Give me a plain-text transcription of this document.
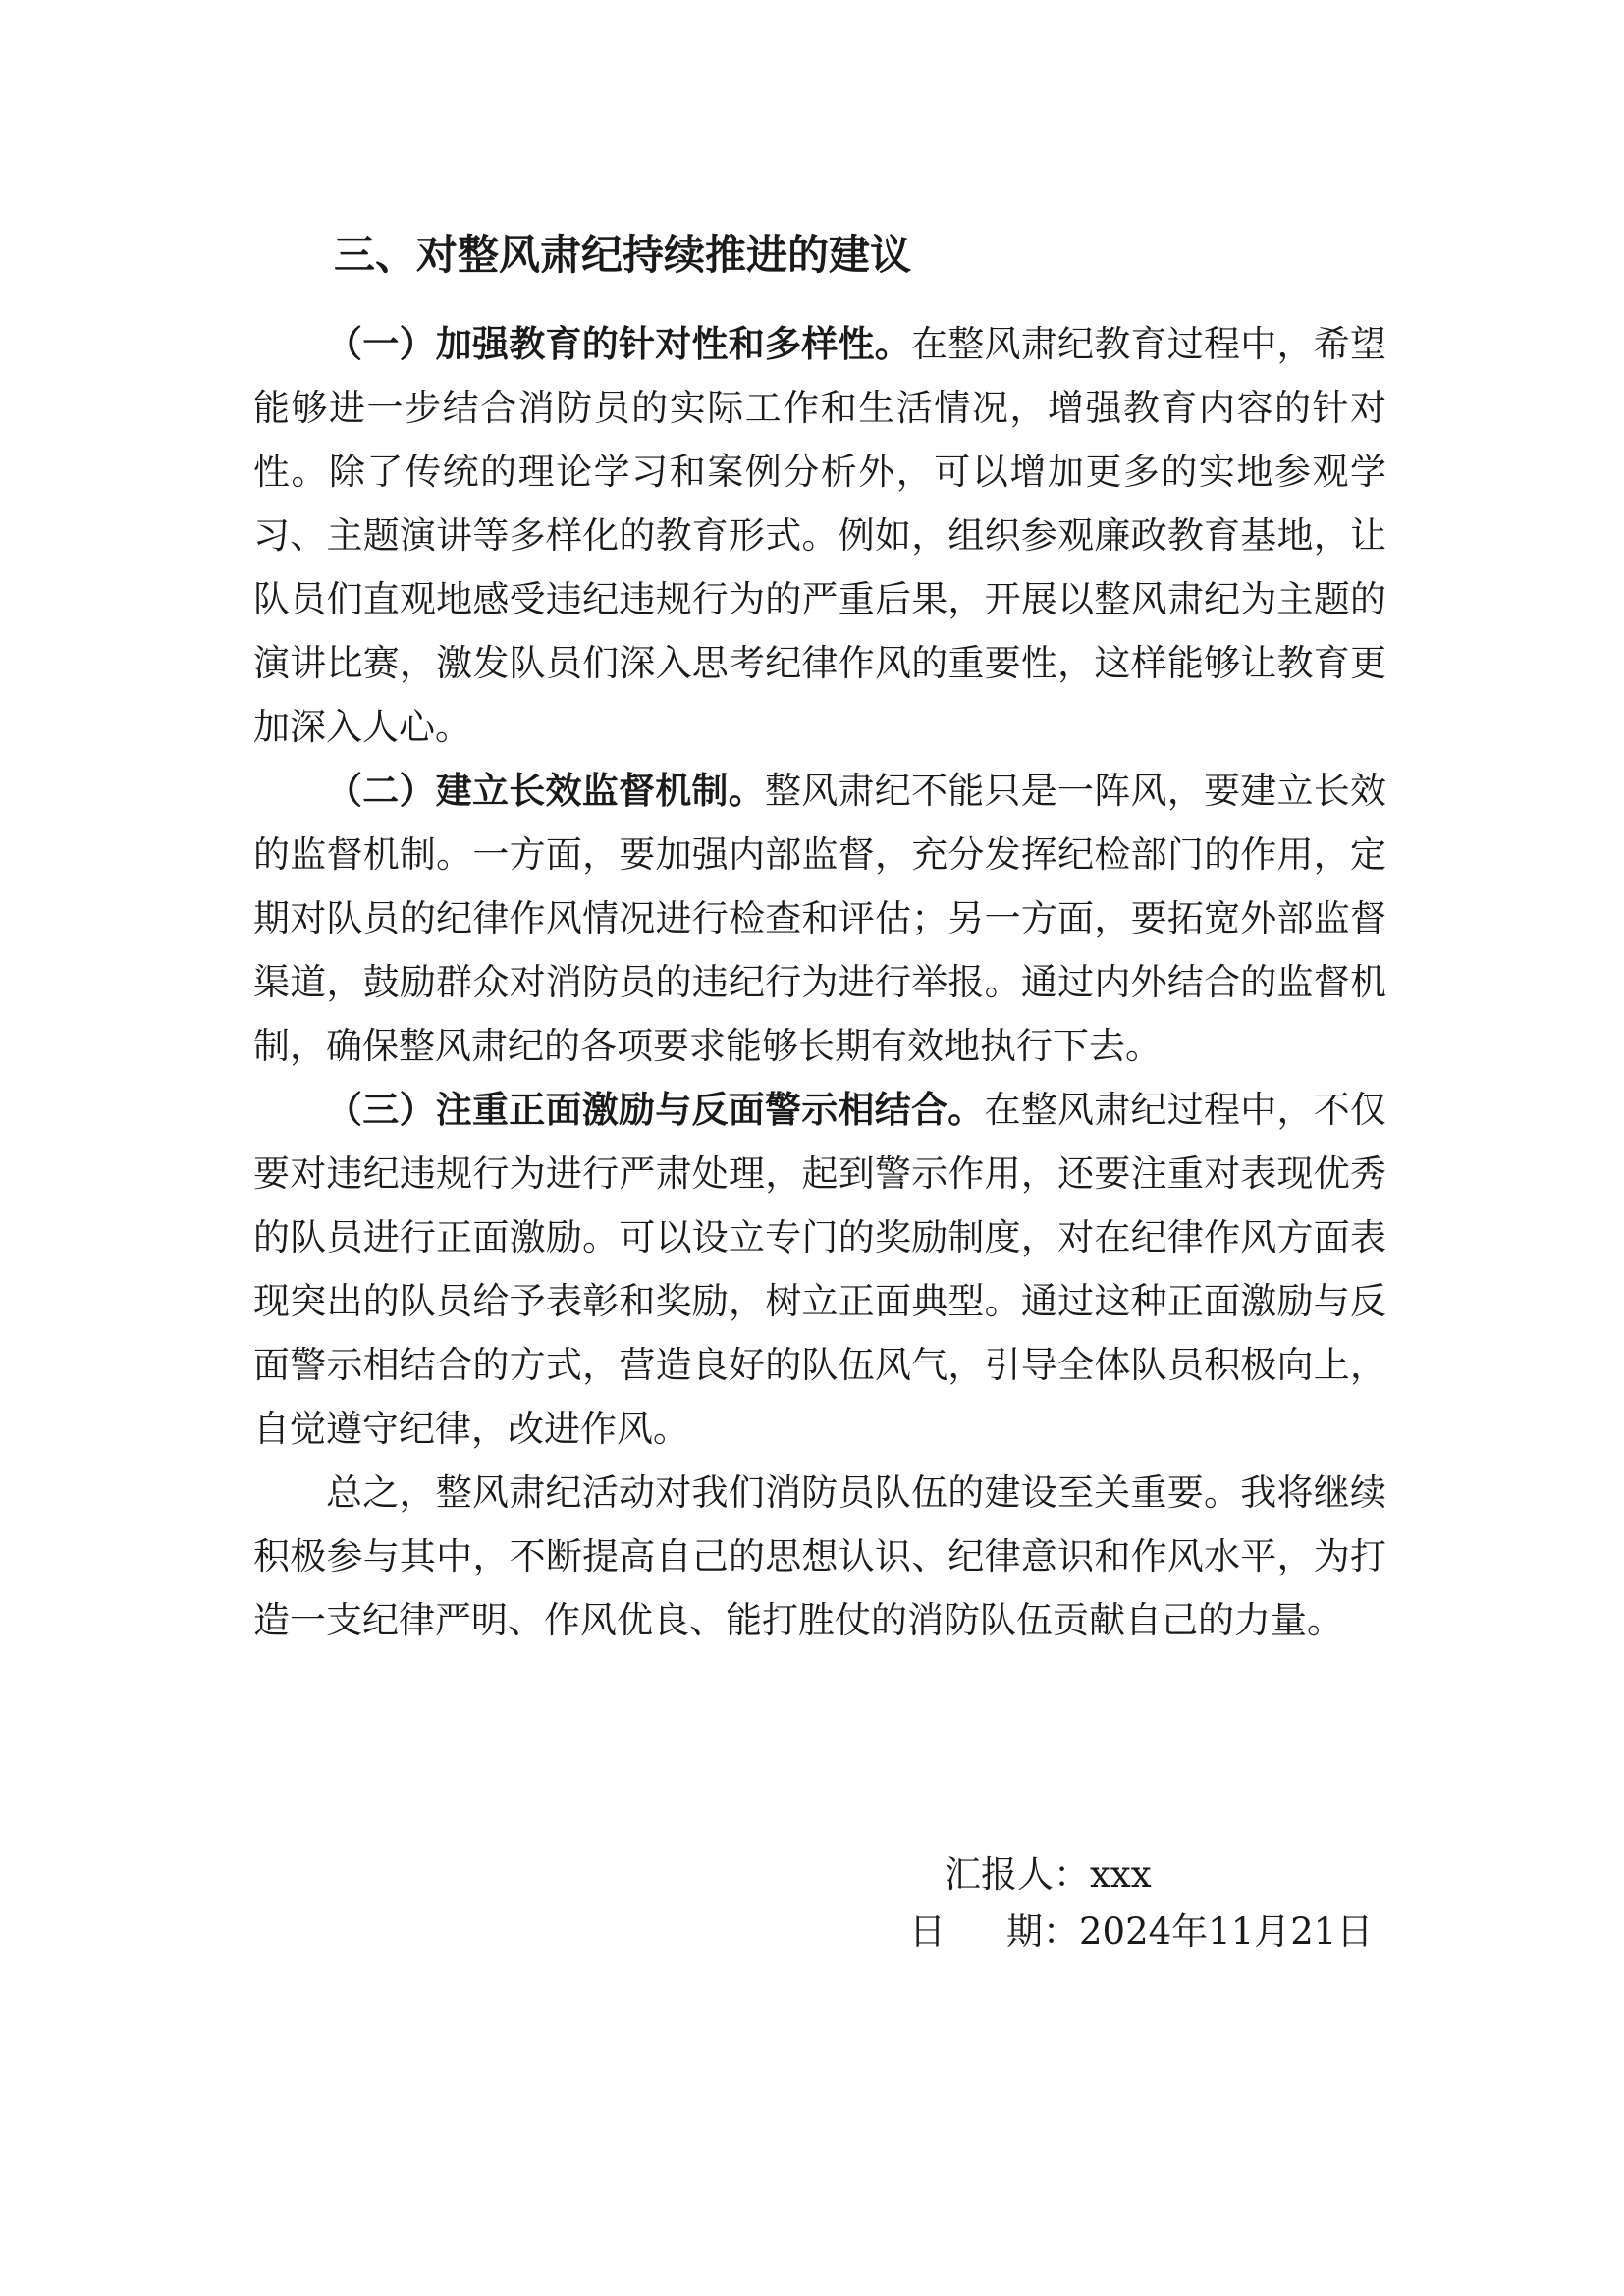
三、对整风肃纪持续推进的建议

（一）加强教育的针对性和多样性。在整风肃纪教育过程中，希望能够进一步结合消防员的实际工作和生活情况，增强教育内容的针对性。除了传统的理论学习和案例分析外，可以增加更多的实地参观学习、主题演讲等多样化的教育形式。例如，组织参观廉政教育基地，让队员们直观地感受违纪违规行为的严重后果，开展以整风肃纪为主题的演讲比赛，激发队员们深入思考纪律作风的重要性，这样能够让教育更加深入人心。

（二）建立长效监督机制。整风肃纪不能只是一阵风，要建立长效的监督机制。一方面，要加强内部监督，充分发挥纪检部门的作用，定期对队员的纪律作风情况进行检查和评估；另一方面，要拓宽外部监督渠道，鼓励群众对消防员的违纪行为进行举报。通过内外结合的监督机制，确保整风肃纪的各项要求能够长期有效地执行下去。

（三）注重正面激励与反面警示相结合。在整风肃纪过程中，不仅要对违纪违规行为进行严肃处理，起到警示作用，还要注重对表现优秀的队员进行正面激励。可以设立专门的奖励制度，对在纪律作风方面表现突出的队员给予表彰和奖励，树立正面典型。通过这种正面激励与反面警示相结合的方式，营造良好的队伍风气，引导全体队员积极向上，自觉遵守纪律，改进作风。

总之，整风肃纪活动对我们消防员队伍的建设至关重要。我将继续积极参与其中，不断提高自己的思想认识、纪律意识和作风水平，为打造一支纪律严明、作风优良、能打胜仗的消防队伍贡献自己的力量。

汇报人：xxx

日 期：2024年11月21日
